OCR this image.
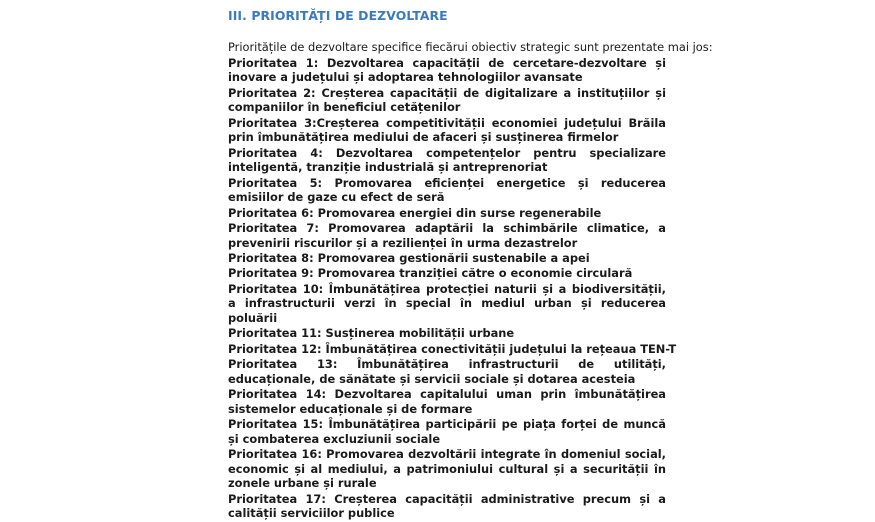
III. PRIORITĂȚI DE DEZVOLTARE

Prioritățile de dezvoltare specifice fiecărui obiectiv strategic sunt prezentate mai jos:

Prioritatea 1: Dezvoltarea capacității de cercetare-dezvoltare și inovare a județului și adoptarea tehnologiilor avansate
Prioritatea 2: Creșterea capacității de digitalizare a instituțiilor și companiilor în beneficiul cetățenilor
Prioritatea 3:Creșterea competitivității economiei județului Brăila prin îmbunătățirea mediului de afaceri și susținerea firmelor
Prioritatea 4: Dezvoltarea competențelor pentru specializare inteligentă, tranziție industrială și antreprenoriat
Prioritatea 5: Promovarea eficienței energetice și reducerea emisiilor de gaze cu efect de seră
Prioritatea 6: Promovarea energiei din surse regenerabile
Prioritatea 7: Promovarea adaptării la schimbările climatice, a prevenirii riscurilor și a rezilienței în urma dezastrelor
Prioritatea 8: Promovarea gestionării sustenabile a apei
Prioritatea 9: Promovarea tranziției către o economie circulară
Prioritatea 10: Îmbunătățirea protecției naturii și a biodiversității, a infrastructurii verzi în special în mediul urban și reducerea poluării
Prioritatea 11: Susținerea mobilității urbane
Prioritatea 12: Îmbunătățirea conectivității județului la rețeaua TEN-T
Prioritatea 13: Îmbunătățirea infrastructurii de utilități, educaționale, de sănătate și servicii sociale și dotarea acesteia
Prioritatea 14: Dezvoltarea capitalului uman prin îmbunătățirea sistemelor educaționale și de formare
Prioritatea 15: Îmbunătățirea participării pe piața forței de muncă și combaterea excluziunii sociale
Prioritatea 16: Promovarea dezvoltării integrate în domeniul social, economic și al mediului, a patrimoniului cultural și a securității în zonele urbane și rurale
Prioritatea 17: Creșterea capacității administrative precum și a calității serviciilor publice
